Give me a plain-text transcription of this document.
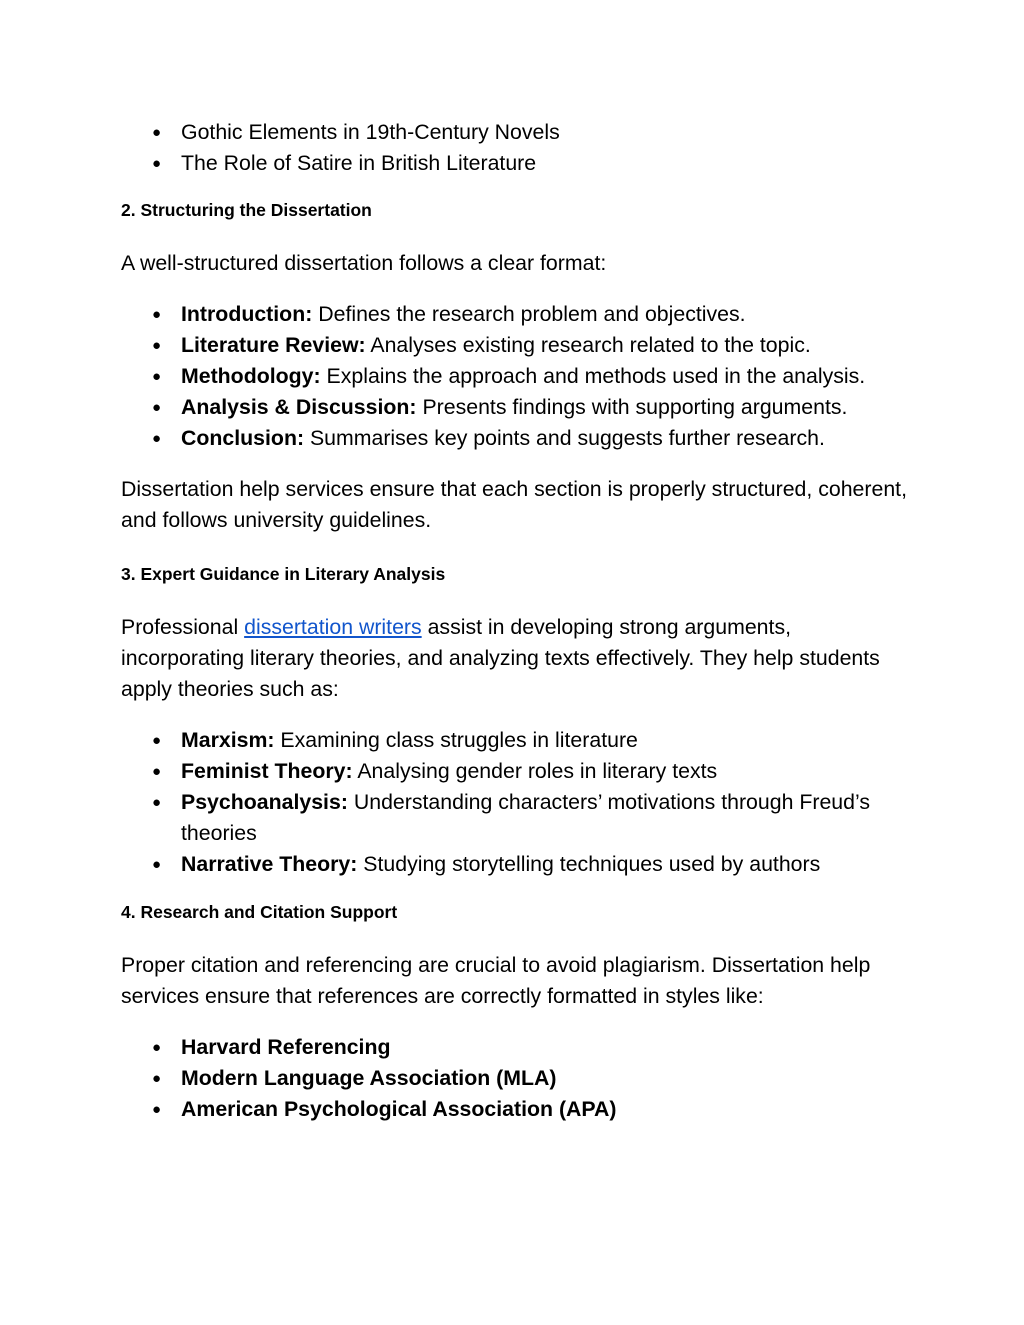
● Gothic Elements in 19th-Century Novels
● The Role of Satire in British Literature
2. Structuring the Dissertation

A well-structured dissertation follows a clear format:

● Introduction: Defines the research problem and objectives.
● Literature Review: Analyses existing research related to the topic.
● Methodology: Explains the approach and methods used in the analysis.
● Analysis & Discussion: Presents findings with supporting arguments.
● Conclusion: Summarises key points and suggests further research.

Dissertation help services ensure that each section is properly structured, coherent, and follows university guidelines.

3. Expert Guidance in Literary Analysis

Professional dissertation writers assist in developing strong arguments, incorporating literary theories, and analyzing texts effectively. They help students apply theories such as:

● Marxism: Examining class struggles in literature
● Feminist Theory: Analysing gender roles in literary texts
● Psychoanalysis: Understanding characters’ motivations through Freud’s theories
● Narrative Theory: Studying storytelling techniques used by authors
4. Research and Citation Support

Proper citation and referencing are crucial to avoid plagiarism. Dissertation help services ensure that references are correctly formatted in styles like:

● Harvard Referencing
● Modern Language Association (MLA)
● American Psychological Association (APA)
